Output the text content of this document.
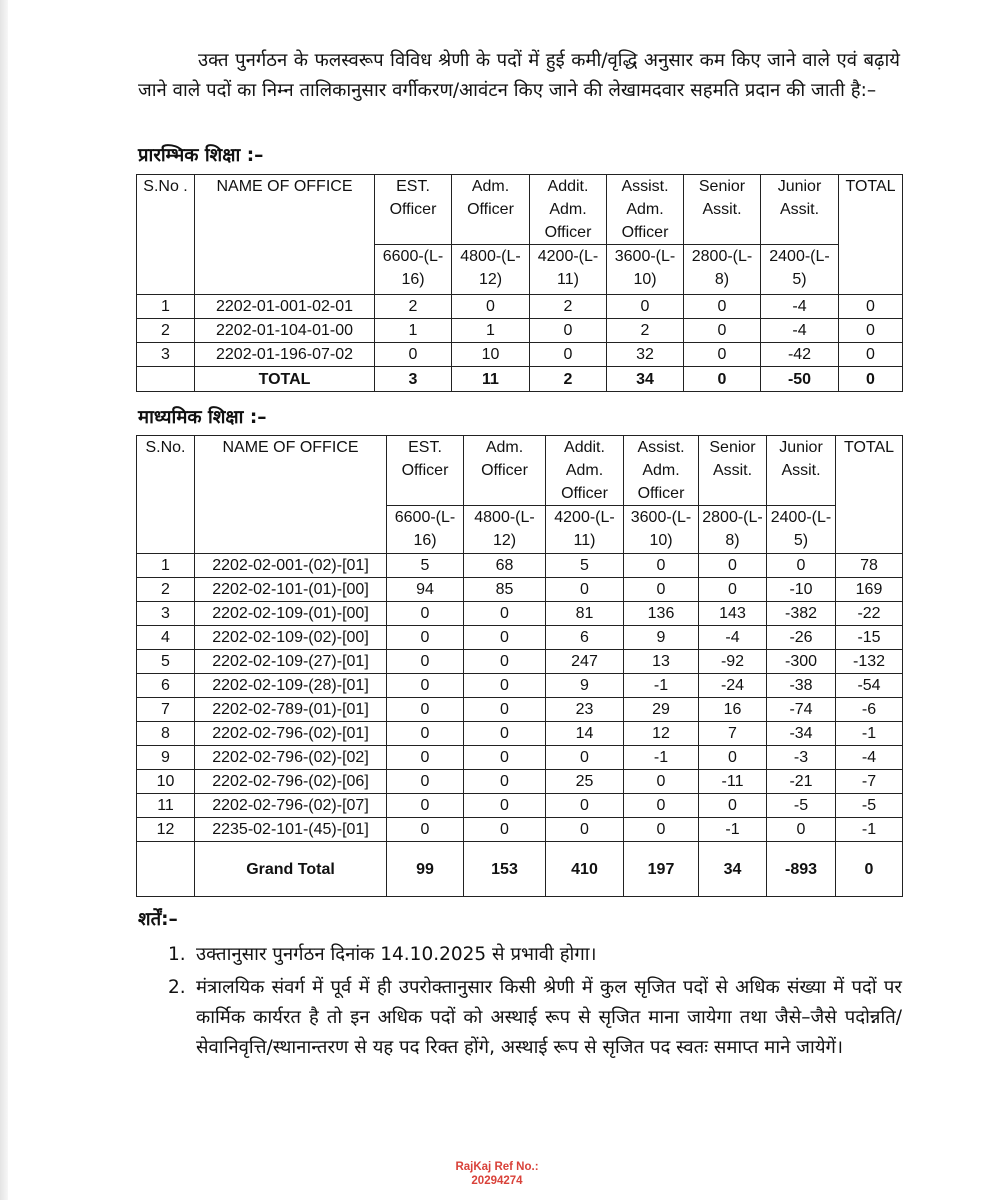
उक्त पुनर्गठन के फलस्वरूप विविध श्रेणी के पदों में हुई कमी/वृद्धि अनुसार कम किए जाने वाले एवं बढ़ाये जाने वाले पदों का निम्न तालिकानुसार वर्गीकरण/आवंटन किए जाने की लेखामदवार सहमति प्रदान की जाती है:–

प्रारम्भिक शिक्षा :–

S.No .	NAME OF OFFICE	EST. Officer	Adm. Officer	Addit. Adm. Officer	Assist. Adm. Officer	Senior Assit.	Junior Assit.	TOTAL
		6600-(L-16)	4800-(L-12)	4200-(L-11)	3600-(L-10)	2800-(L-8)	2400-(L-5)	
1	2202-01-001-02-01	2	0	2	0	0	-4	0
2	2202-01-104-01-00	1	1	0	2	0	-4	0
3	2202-01-196-07-02	0	10	0	32	0	-42	0
	TOTAL	3	11	2	34	0	-50	0

माध्यमिक शिक्षा :–

S.No.	NAME OF OFFICE	EST. Officer	Adm. Officer	Addit. Adm. Officer	Assist. Adm. Officer	Senior Assit.	Junior Assit.	TOTAL
		6600-(L-16)	4800-(L-12)	4200-(L-11)	3600-(L-10)	2800-(L-8)	2400-(L-5)	
1	2202-02-001-(02)-[01]	5	68	5	0	0	0	78
2	2202-02-101-(01)-[00]	94	85	0	0	0	-10	169
3	2202-02-109-(01)-[00]	0	0	81	136	143	-382	-22
4	2202-02-109-(02)-[00]	0	0	6	9	-4	-26	-15
5	2202-02-109-(27)-[01]	0	0	247	13	-92	-300	-132
6	2202-02-109-(28)-[01]	0	0	9	-1	-24	-38	-54
7	2202-02-789-(01)-[01]	0	0	23	29	16	-74	-6
8	2202-02-796-(02)-[01]	0	0	14	12	7	-34	-1
9	2202-02-796-(02)-[02]	0	0	0	-1	0	-3	-4
10	2202-02-796-(02)-[06]	0	0	25	0	-11	-21	-7
11	2202-02-796-(02)-[07]	0	0	0	0	0	-5	-5
12	2235-02-101-(45)-[01]	0	0	0	0	-1	0	-1
	Grand Total	99	153	410	197	34	-893	0

शर्तें:–

1. उक्तानुसार पुनर्गठन दिनांक 14.10.2025 से प्रभावी होगा।
2. मंत्रालयिक संवर्ग में पूर्व में ही उपरोक्तानुसार किसी श्रेणी में कुल सृजित पदों से अधिक संख्या में पदों पर कार्मिक कार्यरत है तो इन अधिक पदों को अस्थाई रूप से सृजित माना जायेगा तथा जैसे–जैसे पदोन्नति/सेवानिवृत्ति/स्थानान्तरण से यह पद रिक्त होंगे, अस्थाई रूप से सृजित पद स्वतः समाप्त माने जायेगें।
RajKaj Ref No.:
20294274
